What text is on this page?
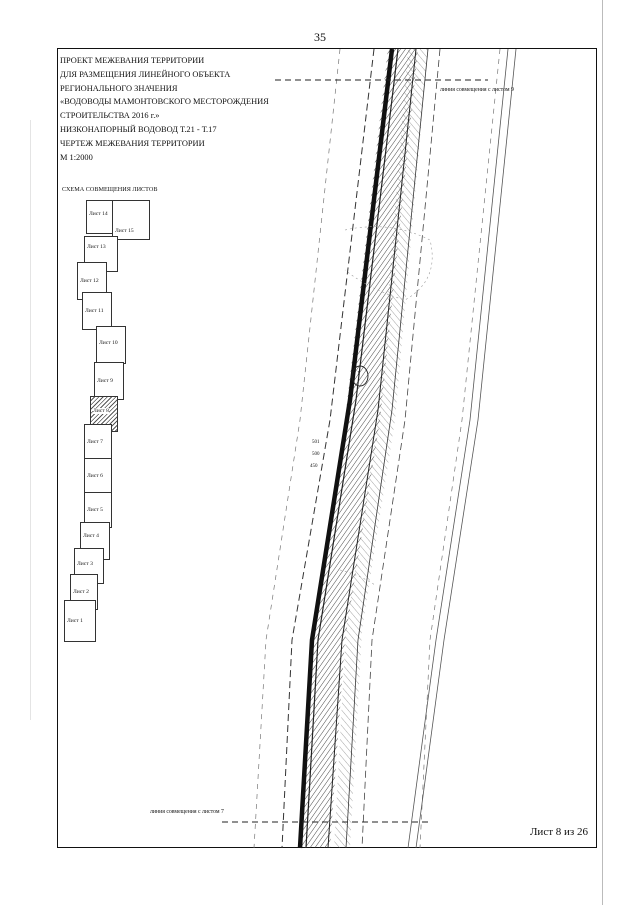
35
ПРОЕКТ МЕЖЕВАНИЯ ТЕРРИТОРИИ
ДЛЯ РАЗМЕЩЕНИЯ ЛИНЕЙНОГО ОБЪЕКТА
РЕГИОНАЛЬНОГО ЗНАЧЕНИЯ
«ВОДОВОДЫ МАМОНТОВСКОГО МЕСТОРОЖДЕНИЯ
СТРОИТЕЛЬСТВА 2016 г.»
НИЗКОНАПОРНЫЙ ВОДОВОД Т.21 - Т.17
ЧЕРТЕЖ МЕЖЕВАНИЯ ТЕРРИТОРИИ
М 1:2000
СХЕМА СОВМЕЩЕНИЯ ЛИСТОВ
Лист 14
Лист 15
Лист 13
Лист 12
Лист 11
Лист 10
Лист 9
Лист 8
Лист 7
Лист 6
Лист 5
Лист 4
Лист 3
Лист 2
Лист 1
линия совмещения с листом 9
линия совмещения с листом 7
501
500
450
1
Лист 8 из 26
